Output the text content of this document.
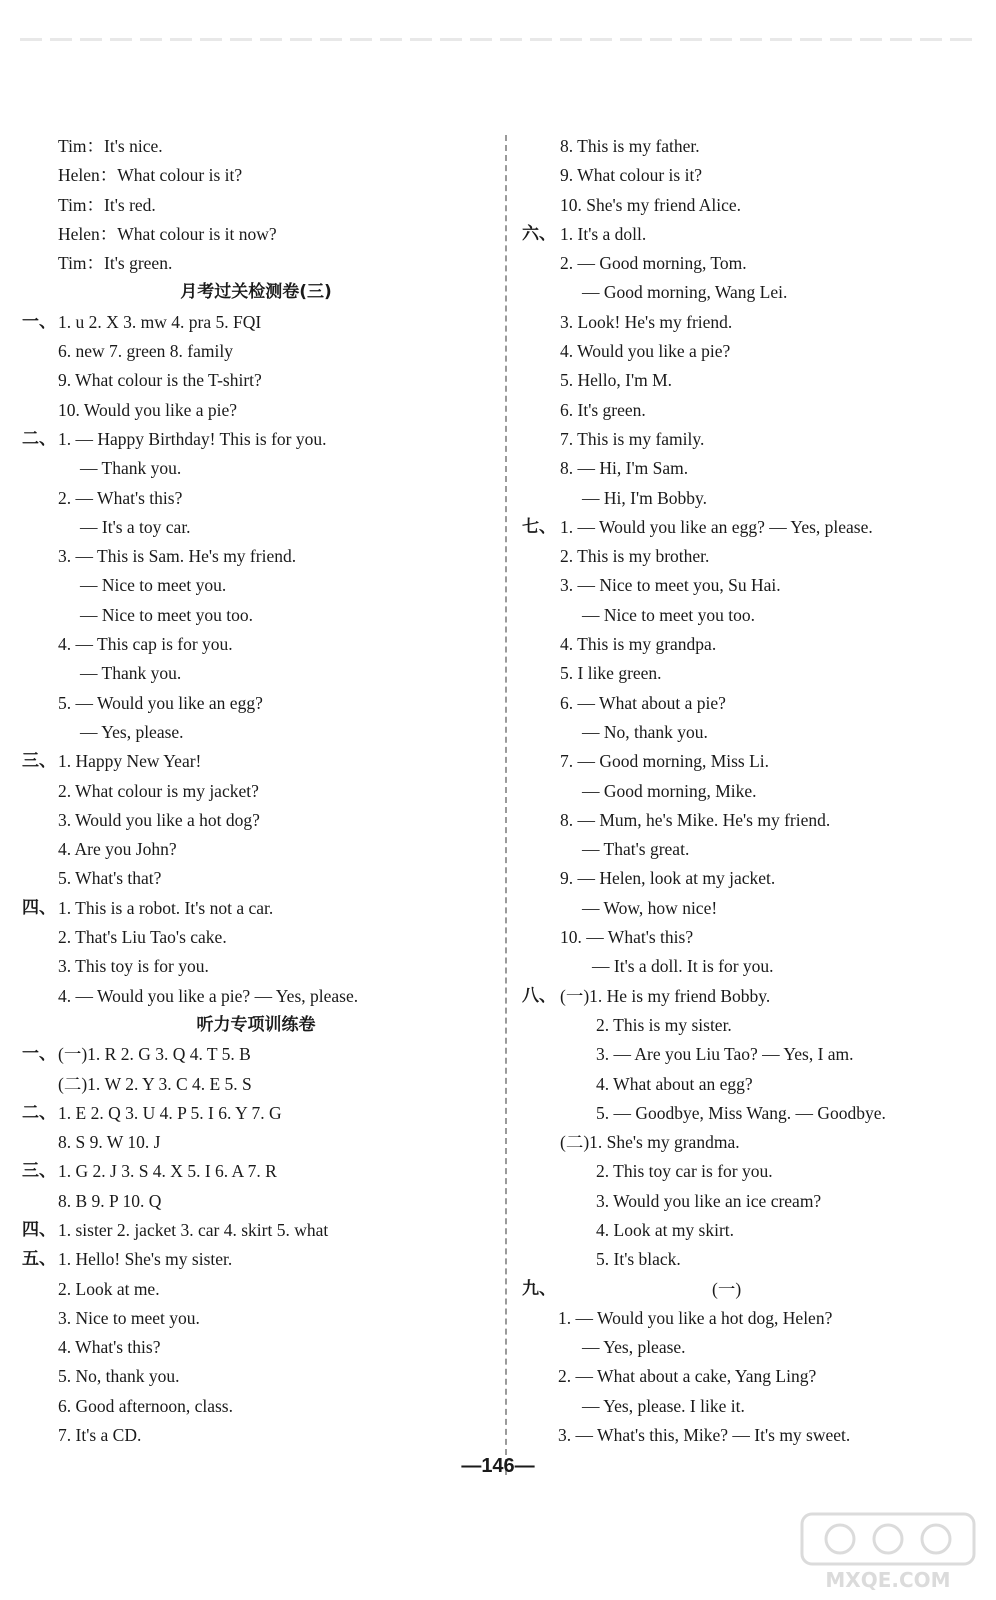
Tim：It's nice.
Helen：What colour is it?
Tim：It's red.
Helen：What colour is it now?
Tim：It's green.
月考过关检测卷(三)
一、 1. u 2. X 3. mw 4. pra 5. FQI
6. new 7. green 8. family
9. What colour is the T-shirt?
10. Would you like a pie?
二、 1. — Happy Birthday! This is for you.
— Thank you.
2. — What's this?
— It's a toy car.
3. — This is Sam. He's my friend.
— Nice to meet you.
— Nice to meet you too.
4. — This cap is for you.
— Thank you.
5. — Would you like an egg?
— Yes, please.
三、 1. Happy New Year!
2. What colour is my jacket?
3. Would you like a hot dog?
4. Are you John?
5. What's that?
四、 1. This is a robot. It's not a car.
2. That's Liu Tao's cake.
3. This toy is for you.
4. — Would you like a pie? — Yes, please.
听力专项训练卷
一、 (一)1. R 2. G 3. Q 4. T 5. B
(二)1. W 2. Y 3. C 4. E 5. S
二、 1. E 2. Q 3. U 4. P 5. I 6. Y 7. G
8. S 9. W 10. J
三、 1. G 2. J 3. S 4. X 5. I 6. A 7. R
8. B 9. P 10. Q
四、 1. sister 2. jacket 3. car 4. skirt 5. what
五、 1. Hello! She's my sister.
2. Look at me.
3. Nice to meet you.
4. What's this?
5. No, thank you.
6. Good afternoon, class.
7. It's a CD.
8. This is my father.
9. What colour is it?
10. She's my friend Alice.
六、 1. It's a doll.
2. — Good morning, Tom.
— Good morning, Wang Lei.
3. Look! He's my friend.
4. Would you like a pie?
5. Hello, I'm M.
6. It's green.
7. This is my family.
8. — Hi, I'm Sam.
— Hi, I'm Bobby.
七、 1. — Would you like an egg? — Yes, please.
2. This is my brother.
3. — Nice to meet you, Su Hai.
— Nice to meet you too.
4. This is my grandpa.
5. I like green.
6. — What about a pie?
— No, thank you.
7. — Good morning, Miss Li.
— Good morning, Mike.
8. — Mum, he's Mike. He's my friend.
— That's great.
9. — Helen, look at my jacket.
— Wow, how nice!
10. — What's this?
— It's a doll. It is for you.
八、 (一)1. He is my friend Bobby.
2. This is my sister.
3. — Are you Liu Tao? — Yes, I am.
4. What about an egg?
5. — Goodbye, Miss Wang. — Goodbye.
(二)1. She's my grandma.
2. This toy car is for you.
3. Would you like an ice cream?
4. Look at my skirt.
5. It's black.
九、	(一)
1. — Would you like a hot dog, Helen?
— Yes, please.
2. — What about a cake, Yang Ling?
— Yes, please. I like it.
3. — What's this, Mike? — It's my sweet.
—146—
MXQE.COM
